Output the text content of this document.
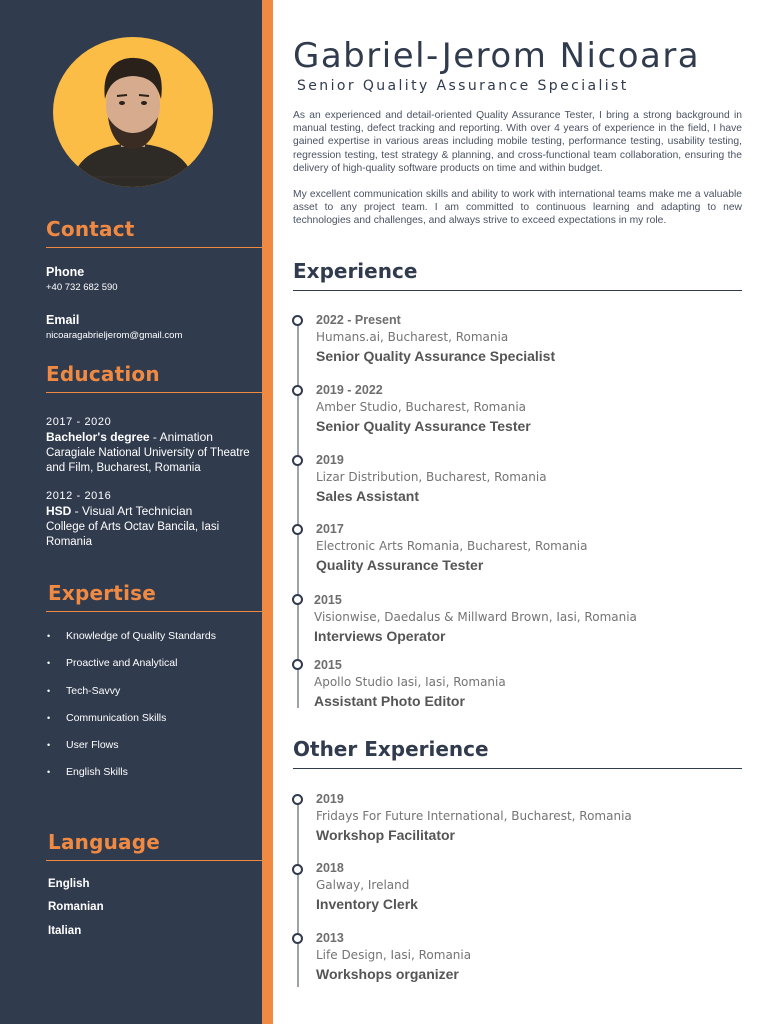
Contact
Phone
+40 732 682 590
Email
nicoaragabrieljerom@gmail.com
Education
2017 - 2020
Bachelor's degree - Animation
Caragiale National University of Theatre and Film, Bucharest, Romania
2012 - 2016
HSD - Visual Art Technician
College of Arts Octav Bancila, Iasi Romania
Expertise
• Knowledge of Quality Standards
• Proactive and Analytical
• Tech-Savvy
• Communication Skills
• User Flows
• English Skills
Language
English
Romanian
Italian
Gabriel-Jerom Nicoara
Senior Quality Assurance Specialist

As an experienced and detail-oriented Quality Assurance Tester, I bring a strong background in manual testing, defect tracking and reporting. With over 4 years of experience in the field, I have gained expertise in various areas including mobile testing, performance testing, usability testing, regression testing, test strategy & planning, and cross-functional team collaboration, ensuring the delivery of high-quality software products on time and within budget.

My excellent communication skills and ability to work with international teams make me a valuable asset to any project team. I am committed to continuous learning and adapting to new technologies and challenges, and always strive to exceed expectations in my role.

Experience
2022 - Present
Humans.ai, Bucharest, Romania
Senior Quality Assurance Specialist
2019 - 2022
Amber Studio, Bucharest, Romania
Senior Quality Assurance Tester
2019
Lizar Distribution, Bucharest, Romania
Sales Assistant
2017
Electronic Arts Romania, Bucharest, Romania
Quality Assurance Tester
2015
Visionwise, Daedalus & Millward Brown, Iasi, Romania
Interviews Operator
2015
Apollo Studio Iasi, Iasi, Romania
Assistant Photo Editor
Other Experience
2019
Fridays For Future International, Bucharest, Romania
Workshop Facilitator
2018
Galway, Ireland
Inventory Clerk
2013
Life Design, Iasi, Romania
Workshops organizer
